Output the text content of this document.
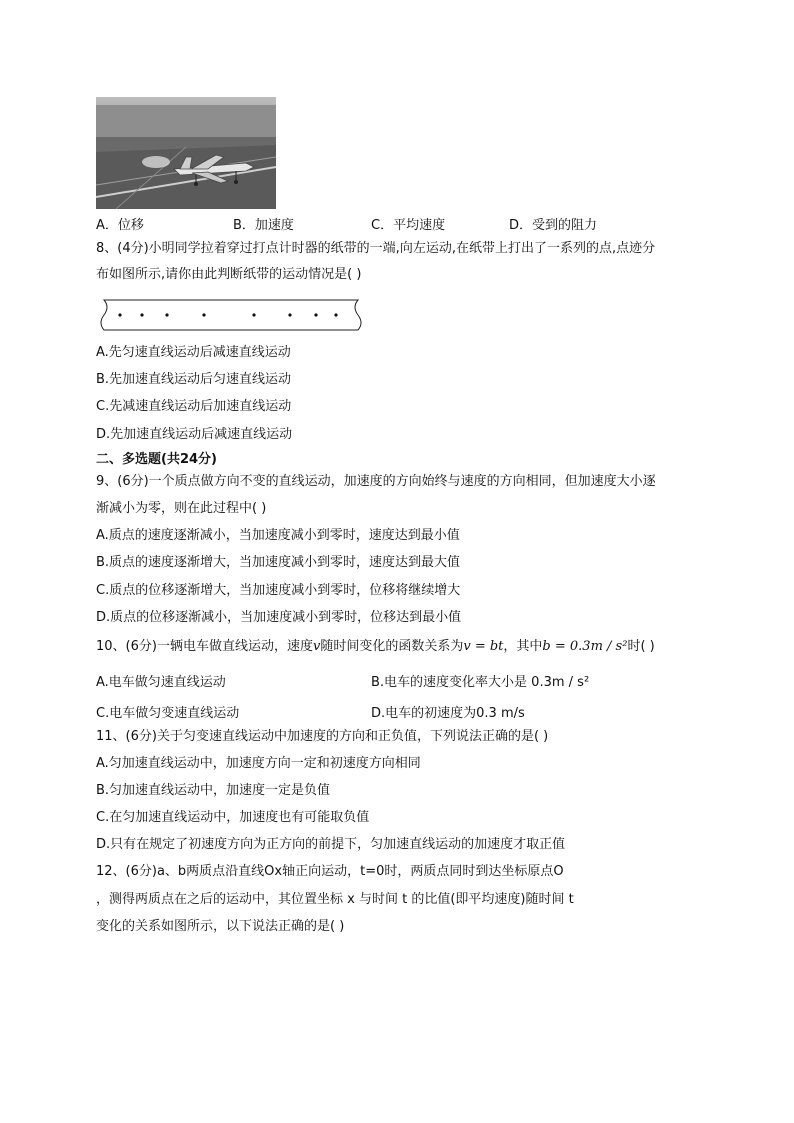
A．位移	B．加速度	C．平均速度	D．受到的阻力
8、(4分)小明同学拉着穿过打点计时器的纸带的一端,向左运动,在纸带上打出了一系列的点,点迹分
布如图所示,请你由此判断纸带的运动情况是( )
A.先匀速直线运动后减速直线运动
B.先加速直线运动后匀速直线运动
C.先减速直线运动后加速直线运动
D.先加速直线运动后减速直线运动
二、多选题(共24分)
9、(6分)一个质点做方向不变的直线运动，加速度的方向始终与速度的方向相同，但加速度大小逐
渐减小为零，则在此过程中( )
A.质点的速度逐渐减小，当加速度减小到零时，速度达到最小值
B.质点的速度逐渐增大，当加速度减小到零时，速度达到最大值
C.质点的位移逐渐增大，当加速度减小到零时，位移将继续增大
D.质点的位移逐渐减小，当加速度减小到零时，位移达到最小值
10、(6分)一辆电车做直线运动，速度v随时间变化的函数关系为v = bt，其中b = 0.3m / s²时( )
A.电车做匀速直线运动	B.电车的速度变化率大小是 0.3m / s²
C.电车做匀变速直线运动	D.电车的初速度为0.3 m/s
11、(6分)关于匀变速直线运动中加速度的方向和正负值，下列说法正确的是( )
A.匀加速直线运动中，加速度方向一定和初速度方向相同
B.匀加速直线运动中，加速度一定是负值
C.在匀加速直线运动中，加速度也有可能取负值
D.只有在规定了初速度方向为正方向的前提下，匀加速直线运动的加速度才取正值
12、(6分)a、b两质点沿直线Ox轴正向运动，t=0时，两质点同时到达坐标原点O
，测得两质点在之后的运动中，其位置坐标 x 与时间 t 的比值(即平均速度)随时间 t
变化的关系如图所示，以下说法正确的是( )
